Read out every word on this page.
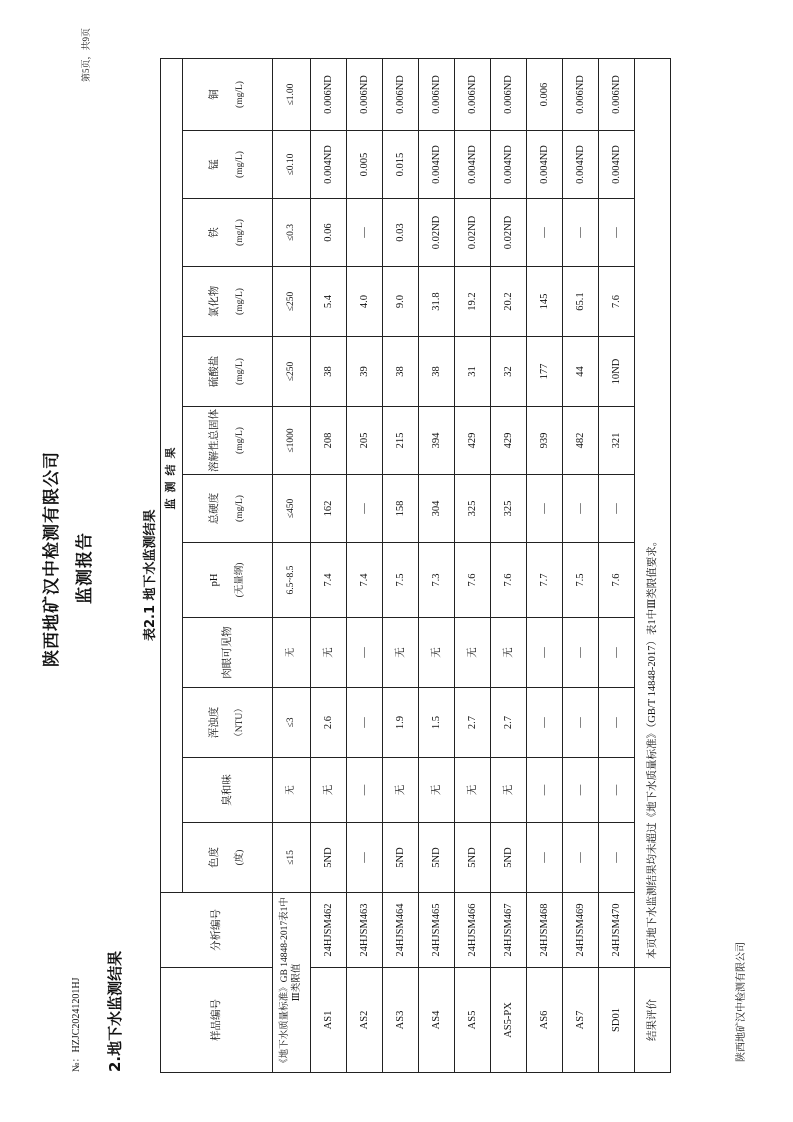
第5页，共9页
陕西地矿汉中检测有限公司 监测报告
№：HZJC20241201HJ 2.地下水监测结果
表2.1 地下水监测结果
样品编号	分析编号	监测结果											

		色度 (度)	臭和味	浑浊度 （NTU）	肉眼可见物	pH (无量纲)	总硬度 (mg/L)	溶解性总固体 (mg/L)	硫酸盐 (mg/L)	氯化物 (mg/L)	铁 (mg/L)	锰 (mg/L)	铜 (mg/L)

《地下水质量标准》GB 14848-2017表1中Ⅲ类限值		≤15	无	≤3	无	6.5~8.5	≤450	≤1000	≤250	≤250	≤0.3	≤0.10	≤1.00
AS1	24HJSM462	5ND	无	2.6	无	7.4	162	208	38	5.4	0.06	0.004ND	0.006ND
AS2	24HJSM463	—	—	—	—	7.4	—	205	39	4.0	—	0.005	0.006ND
AS3	24HJSM464	5ND	无	1.9	无	7.5	158	215	38	9.0	0.03	0.015	0.006ND
AS4	24HJSM465	5ND	无	1.5	无	7.3	304	394	38	31.8	0.02ND	0.004ND	0.006ND
AS5	24HJSM466	5ND	无	2.7	无	7.6	325	429	31	19.2	0.02ND	0.004ND	0.006ND
AS5-PX	24HJSM467	5ND	无	2.7	无	7.6	325	429	32	20.2	0.02ND	0.004ND	0.006ND
AS6	24HJSM468	—	—	—	—	7.7	—	939	177	145	—	0.004ND	0.006
AS7	24HJSM469	—	—	—	—	7.5	—	482	44	65.1	—	0.004ND	0.006ND
SD01	24HJSM470	—	—	—	—	7.6	—	321	10ND	7.6	—	0.004ND	0.006ND
结果评价	本页地下水监测结果均未超过《地下水质量标准》（GB/T 14848-2017）表1中Ⅲ类限值要求。												
陕西地矿汉中检测有限公司
